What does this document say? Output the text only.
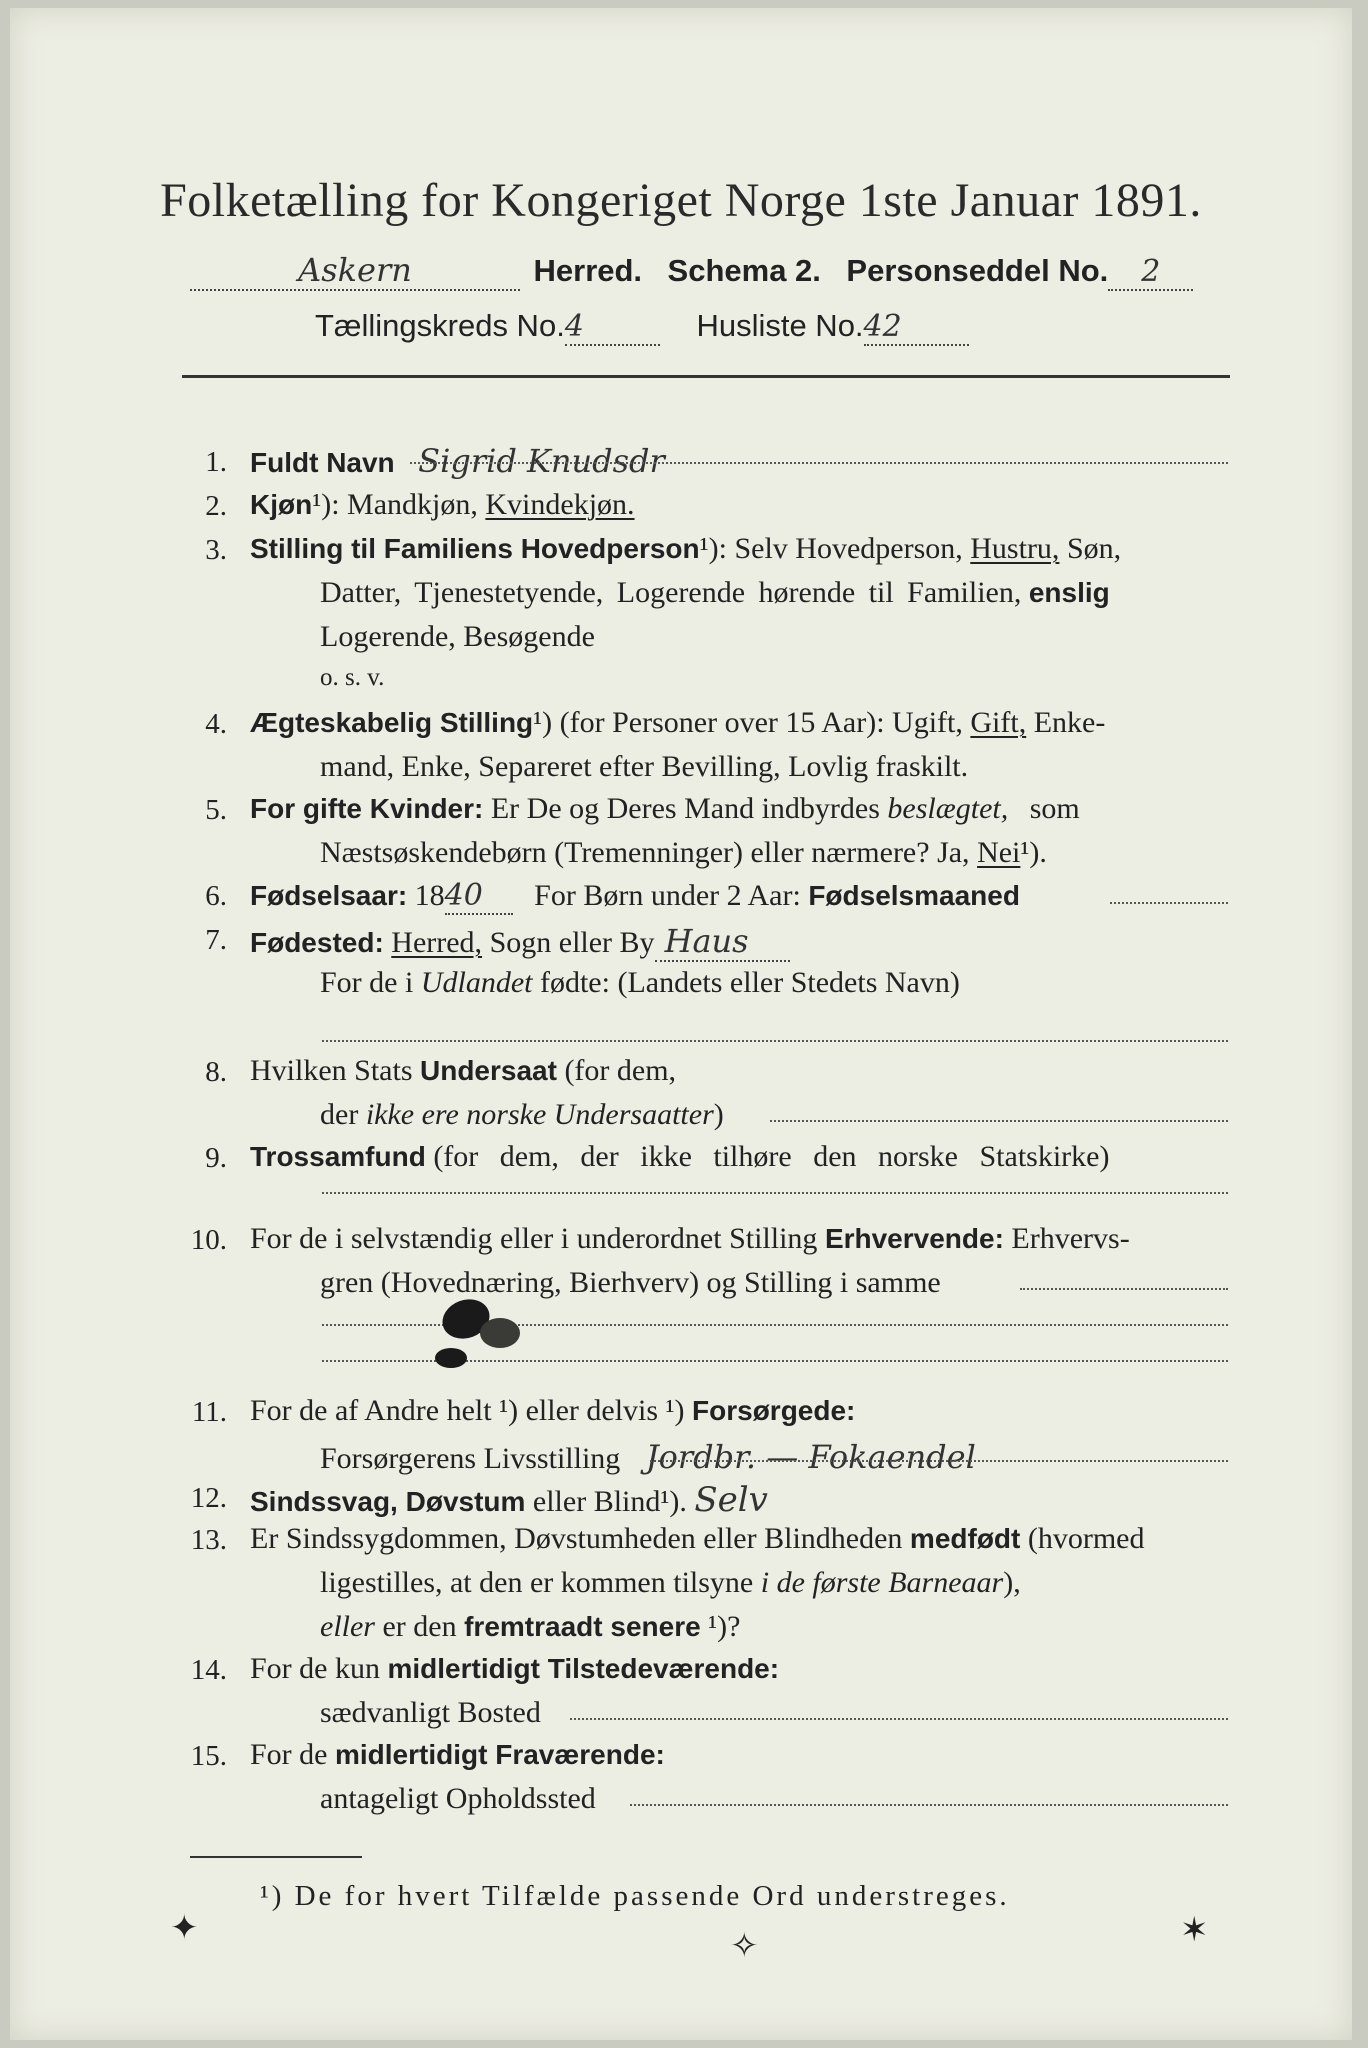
Folketælling for Kongeriget Norge 1ste Januar 1891.
Askern	Herred. Schema 2. Personseddel No. 2
Tællingskreds No.4	Husliste No.42
1. Fuldt Navn Sigrid Knudsdr
2. Kjøn¹): Mandkjøn, Kvindekjøn.
3. Stilling til Familiens Hovedperson¹): Selv Hovedperson, Hustru, Søn,
Datter, Tjenestetyende, Logerende hørende til Familien, enslig
Logerende, Besøgende
o. s. v.
4. Ægteskabelig Stilling¹) (for Personer over 15 Aar): Ugift, Gift, Enke-
mand, Enke, Separeret efter Bevilling, Lovlig fraskilt.
5. For gifte Kvinder: Er De og Deres Mand indbyrdes beslægtet, som
Næstsøskendebørn (Tremenninger) eller nærmere? Ja, Nei¹).
6. Fødselsaar: 1840 For Børn under 2 Aar: Fødselsmaaned
7. Fødested: Herred, Sogn eller By Haus
For de i Udlandet fødte: (Landets eller Stedets Navn)
8. Hvilken Stats Undersaat (for dem,
der ikke ere norske Undersaatter)
9. Trossamfund (for dem, der ikke tilhøre den norske Statskirke)
10. For de i selvstændig eller i underordnet Stilling Erhvervende: Erhvervs-
gren (Hovednæring, Bierhverv) og Stilling i samme
11. For de af Andre helt ¹) eller delvis ¹) Forsørgede:
Forsørgerens Livsstilling Jordbr. — Fokaendel
12. Sindssvag, Døvstum eller Blind¹). Selv
13. Er Sindssygdommen, Døvstumheden eller Blindheden medfødt (hvormed
ligestilles, at den er kommen tilsyne i de første Barneaar),
eller er den fremtraadt senere ¹)?
14. For de kun midlertidigt Tilstedeværende:
sædvanligt Bosted
15. For de midlertidigt Fraværende:
antageligt Opholdssted
¹) De for hvert Tilfælde passende Ord understreges.
✦	✧	✶
